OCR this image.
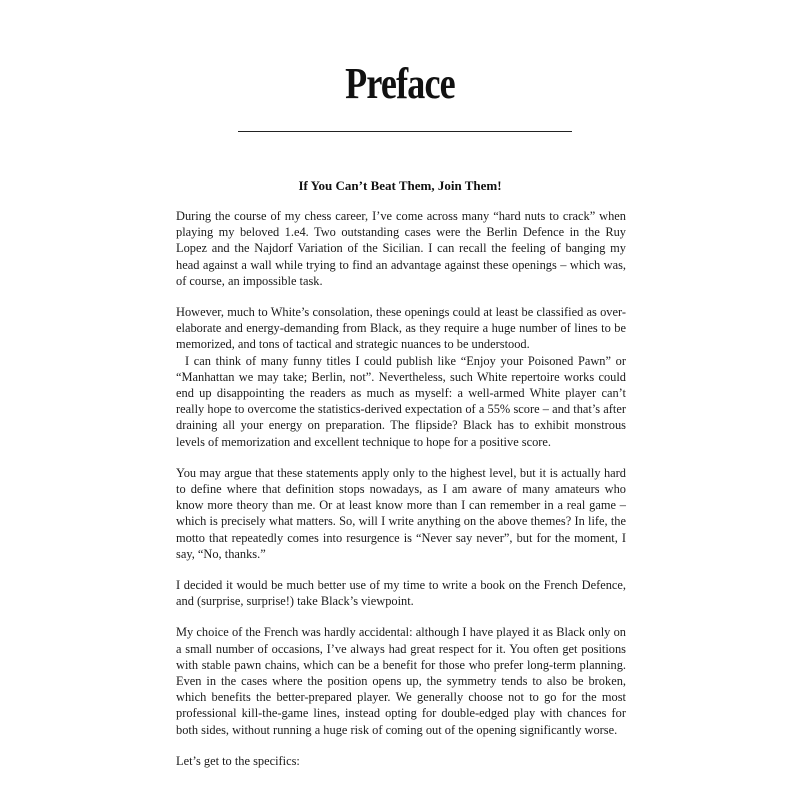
Preface
If You Can’t Beat Them, Join Them!

During the course of my chess career, I’ve come across many “hard nuts to crack” when playing my beloved 1.e4. Two outstanding cases were the Berlin Defence in the Ruy Lopez and the Najdorf Variation of the Sicilian. I can recall the feeling of banging my head against a wall while trying to find an advantage against these openings – which was, of course, an impossible task.

However, much to White’s consolation, these openings could at least be classified as over-elaborate and energy-demanding from Black, as they require a huge number of lines to be memorized, and tons of tactical and strategic nuances to be understood.

I can think of many funny titles I could publish like “Enjoy your Poisoned Pawn” or “Manhattan we may take; Berlin, not”. Nevertheless, such White repertoire works could end up disappointing the readers as much as myself: a well-armed White player can’t really hope to overcome the statistics-derived expectation of a 55% score – and that’s after draining all your energy on preparation. The flipside? Black has to exhibit monstrous levels of memorization and excellent technique to hope for a positive score.

You may argue that these statements apply only to the highest level, but it is actually hard to define where that definition stops nowadays, as I am aware of many amateurs who know more theory than me. Or at least know more than I can remember in a real game – which is precisely what matters. So, will I write anything on the above themes? In life, the motto that repeatedly comes into resurgence is “Never say never”, but for the moment, I say, “No, thanks.”

I decided it would be much better use of my time to write a book on the French Defence, and (surprise, surprise!) take Black’s viewpoint.

My choice of the French was hardly accidental: although I have played it as Black only on a small number of occasions, I’ve always had great respect for it. You often get positions with stable pawn chains, which can be a benefit for those who prefer long-term planning. Even in the cases where the position opens up, the symmetry tends to also be broken, which benefits the better-prepared player. We generally choose not to go for the most professional kill-the-game lines, instead opting for double-edged play with chances for both sides, without running a huge risk of coming out of the opening significantly worse.

Let’s get to the specifics:
